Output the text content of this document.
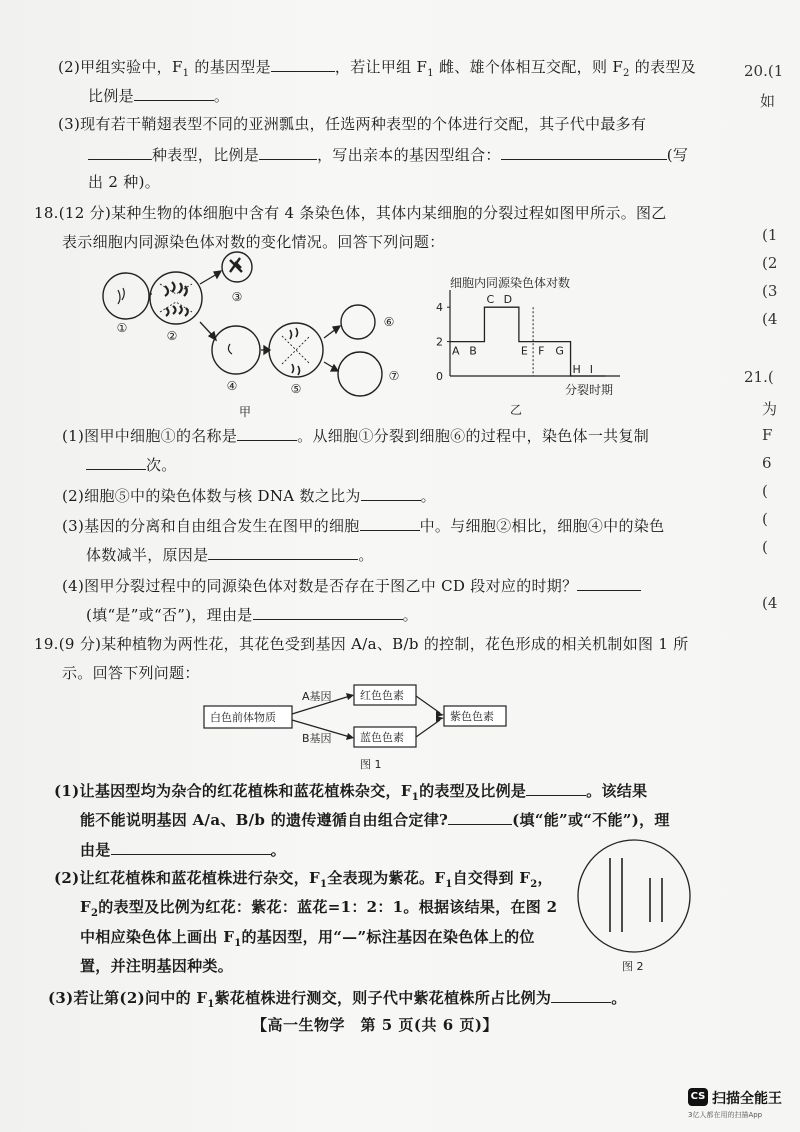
(2)甲组实验中，$F_1$ 的基因型是	，若让甲组 $F_1$ 雌、雄个体相互交配，则 $F_2$ 的表型及
比例是	。
(3)现有若干鞘翅表型不同的亚洲瓢虫，任选两种表型的个体进行交配，其子代中最多有
种表型，比例是	，写出亲本的基因型组合：	(写
出 2 种)。
18.(12 分)某种生物的体细胞中含有 4 条染色体，其体内某细胞的分裂过程如图甲所示。图乙
表示细胞内同源染色体对数的变化情况。回答下列问题：
①
②
③
④	⑤
⑥
⑦
甲
细胞内同源染色体对数
0
2
4
A B
C D
E F G
H I
分裂时期
乙
(1)图甲中细胞①的名称是	。从细胞①分裂到细胞⑥的过程中，染色体一共复制
次。
(2)细胞⑤中的染色体数与核 DNA 数之比为	。
(3)基因的分离和自由组合发生在图甲的细胞	中。与细胞②相比，细胞④中的染色
体数减半，原因是	。
(4)图甲分裂过程中的同源染色体对数是否存在于图乙中 CD 段对应的时期？
(填“是”或“否”)，理由是	。
19.(9 分)某种植物为两性花，其花色受到基因 A/a、B/b 的控制，花色形成的相关机制如图 1 所
示。回答下列问题：
白色前体物质
A基因
B基因
红色色素
蓝色色素
紫色色素
图 1
(1)让基因型均为杂合的红花植株和蓝花植株杂交，$F_1$的表型及比例是	。该结果
能不能说明基因 A/a、B/b 的遗传遵循自由组合定律?	(填“能”或“不能”)，理
由是	。
(2)让红花植株和蓝花植株进行杂交，$F_1$全表现为紫花。$F_1$自交得到 $F_2$，
$F_2$的表型及比例为红花：紫花：蓝花=1：2：1。根据该结果，在图 2
中相应染色体上画出 $F_1$的基因型，用“—”标注基因在染色体上的位
置，并注明基因种类。	图 2
(3)若让第(2)问中的 $F_1$紫花植株进行测交，则子代中紫花植株所占比例为	。
【高一生物学　第 5 页(共 6 页)】
20.(1
如
(1
(2
(3
(4
21.(
为
F
6
(
(
(
(4
CS 扫描全能王
3亿人都在用的扫描App
